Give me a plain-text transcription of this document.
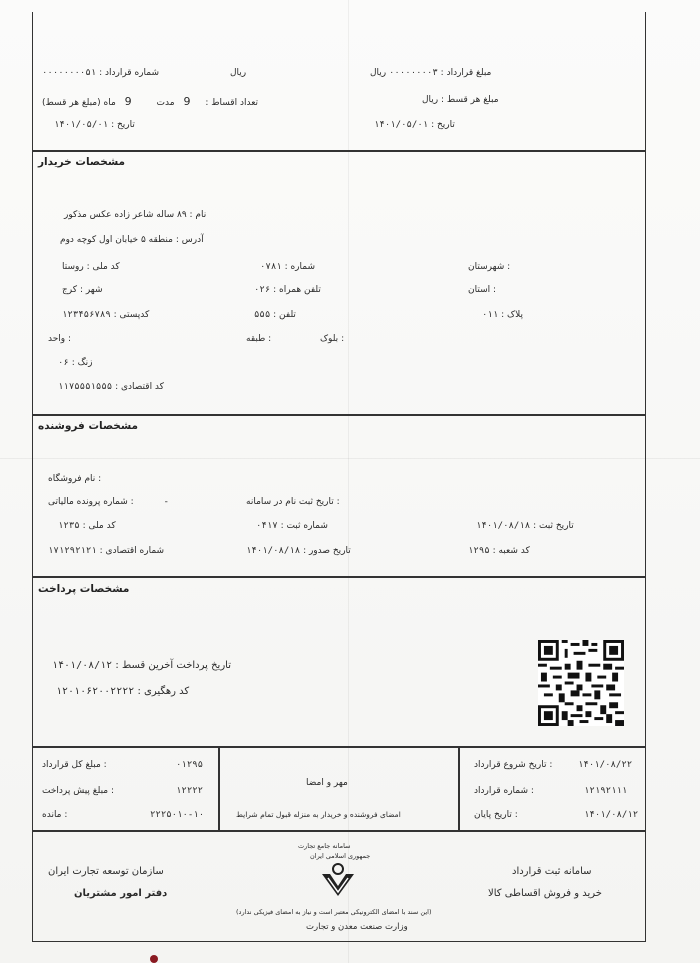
شماره قرارداد : ۰۰۰۰۰۰۰۰۵۱	ریال	مبلغ قرارداد : ۰۰۰۰۰۰۰۰۳ ریال
تعداد اقساط : 9 مدت 9 ماه (مبلغ هر قسط)	مبلغ هر قسط : ریال
تاریخ : ۱۴۰۱/۰۵/۰۱	تاریخ : ۱۴۰۱/۰۵/۰۱
مشخصات خریدار
نام : ۸۹ ساله شاعر زاده عکس مذکور
آدرس : منطقه ۵ خیابان اول کوچه دوم
کد ملی : روستا	شماره : ۰۷۸۱	شهرستان :
شهر : کرج	تلفن همراه : ۰۲۶	استان :
کدپستی : ۱۲۳۴۵۶۷۸۹	تلفن : ۵۵۵	پلاک : ۰۱۱
واحد :	طبقه :	بلوک :
زنگ : ۰۶
کد اقتصادی : ۱۱۷۵۵۵۱۵۵۵
مشخصات فروشنده
نام فروشگاه :
شماره پرونده مالیاتی :	-	تاریخ ثبت نام در سامانه :
کد ملی : ۱۲۳۵	شماره ثبت : ۰۴۱۷	تاریخ ثبت : ۱۴۰۱/۰۸/۱۸
شماره اقتصادی : ۱۷۱۲۹۲۱۲۱	تاریخ صدور : ۱۴۰۱/۰۸/۱۸	کد شعبه : ۱۲۹۵
مشخصات پرداخت
تاریخ پرداخت آخرین قسط : ۱۴۰۱/۰۸/۱۲
کد رهگیری : ۱۲۰۱۰۶۲۰۰۲۲۲۲
مبلغ کل قرارداد :	۰۱۲۹۵
مبلغ پیش پرداخت :	۱۲۲۲۲
مانده :	۲۲۲۵۰۱۰-۱۰
مهر و امضا
امضای فروشنده و خریدار به منزله قبول تمام شرایط
تاریخ شروع قرارداد :	۱۴۰۱/۰۸/۲۲
شماره قرارداد :	۱۲۱۹۲۱۱۱
تاریخ پایان :	۱۴۰۱/۰۸/۱۲
سازمان توسعه تجارت ایران
دفتر امور مشتریان
سامانه جامع تجارت
جمهوری اسلامی ایران
(این سند با امضای الکترونیکی معتبر است و نیاز به امضای فیزیکی ندارد)
وزارت صنعت معدن و تجارت
سامانه ثبت قرارداد
خرید و فروش اقساطی کالا
